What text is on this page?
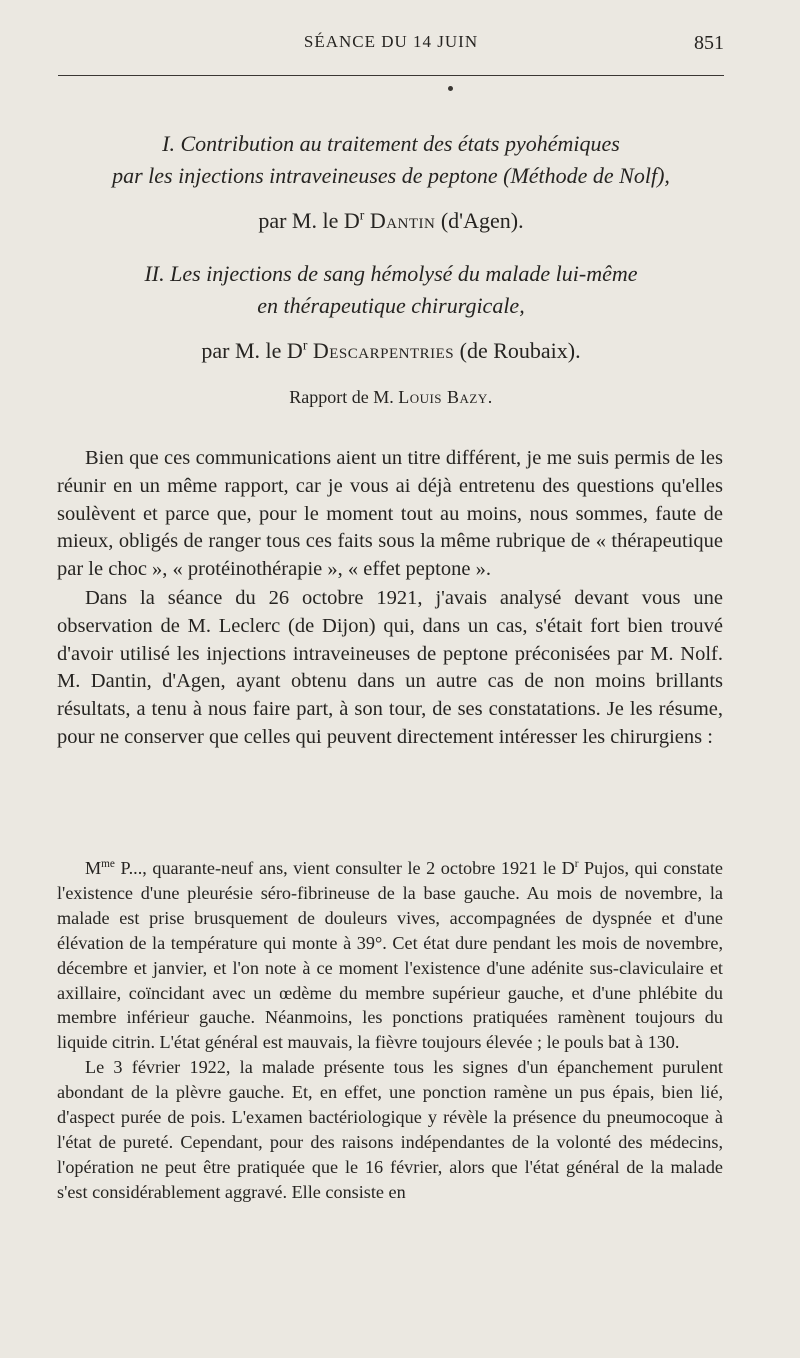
SÉANCE DU 14 JUIN	851
I. Contribution au traitement des états pyohémiques
par les injections intraveineuses de peptone (Méthode de Nolf),
par M. le $D^r$ Dantin (d'Agen).
II. Les injections de sang hémolysé du malade lui-même
en thérapeutique chirurgicale,
par M. le $D^r$ Descarpentries (de Roubaix).
Rapport de M. Louis Bazy.

Bien que ces communications aient un titre différent, je me suis permis de les réunir en un même rapport, car je vous ai déjà entretenu des questions qu'elles soulèvent et parce que, pour le moment tout au moins, nous sommes, faute de mieux, obligés de ranger tous ces faits sous la même rubrique de « thérapeutique par le choc », « protéinothérapie », « effet peptone ».

Dans la séance du 26 octobre 1921, j'avais analysé devant vous une observation de M. Leclerc (de Dijon) qui, dans un cas, s'était fort bien trouvé d'avoir utilisé les injections intraveineuses de peptone préconisées par M. Nolf. M. Dantin, d'Agen, ayant obtenu dans un autre cas de non moins brillants résultats, a tenu à nous faire part, à son tour, de ses constatations. Je les résume, pour ne conserver que celles qui peuvent directement intéresser les chirurgiens :

$M^{me}$ P..., quarante-neuf ans, vient consulter le 2 octobre 1921 le $D^r$ Pujos, qui constate l'existence d'une pleurésie séro-fibrineuse de la base gauche. Au mois de novembre, la malade est prise brusquement de douleurs vives, accompagnées de dyspnée et d'une élévation de la température qui monte à 39°. Cet état dure pendant les mois de novembre, décembre et janvier, et l'on note à ce moment l'existence d'une adénite sus-claviculaire et axillaire, coïncidant avec un œdème du membre supérieur gauche, et d'une phlébite du membre inférieur gauche. Néanmoins, les ponctions pratiquées ramènent toujours du liquide citrin. L'état général est mauvais, la fièvre toujours élevée ; le pouls bat à 130.

Le 3 février 1922, la malade présente tous les signes d'un épanchement purulent abondant de la plèvre gauche. Et, en effet, une ponction ramène un pus épais, bien lié, d'aspect purée de pois. L'examen bactériologique y révèle la présence du pneumocoque à l'état de pureté. Cependant, pour des raisons indépendantes de la volonté des médecins, l'opération ne peut être pratiquée que le 16 février, alors que l'état général de la malade s'est considérablement aggravé. Elle consiste en
